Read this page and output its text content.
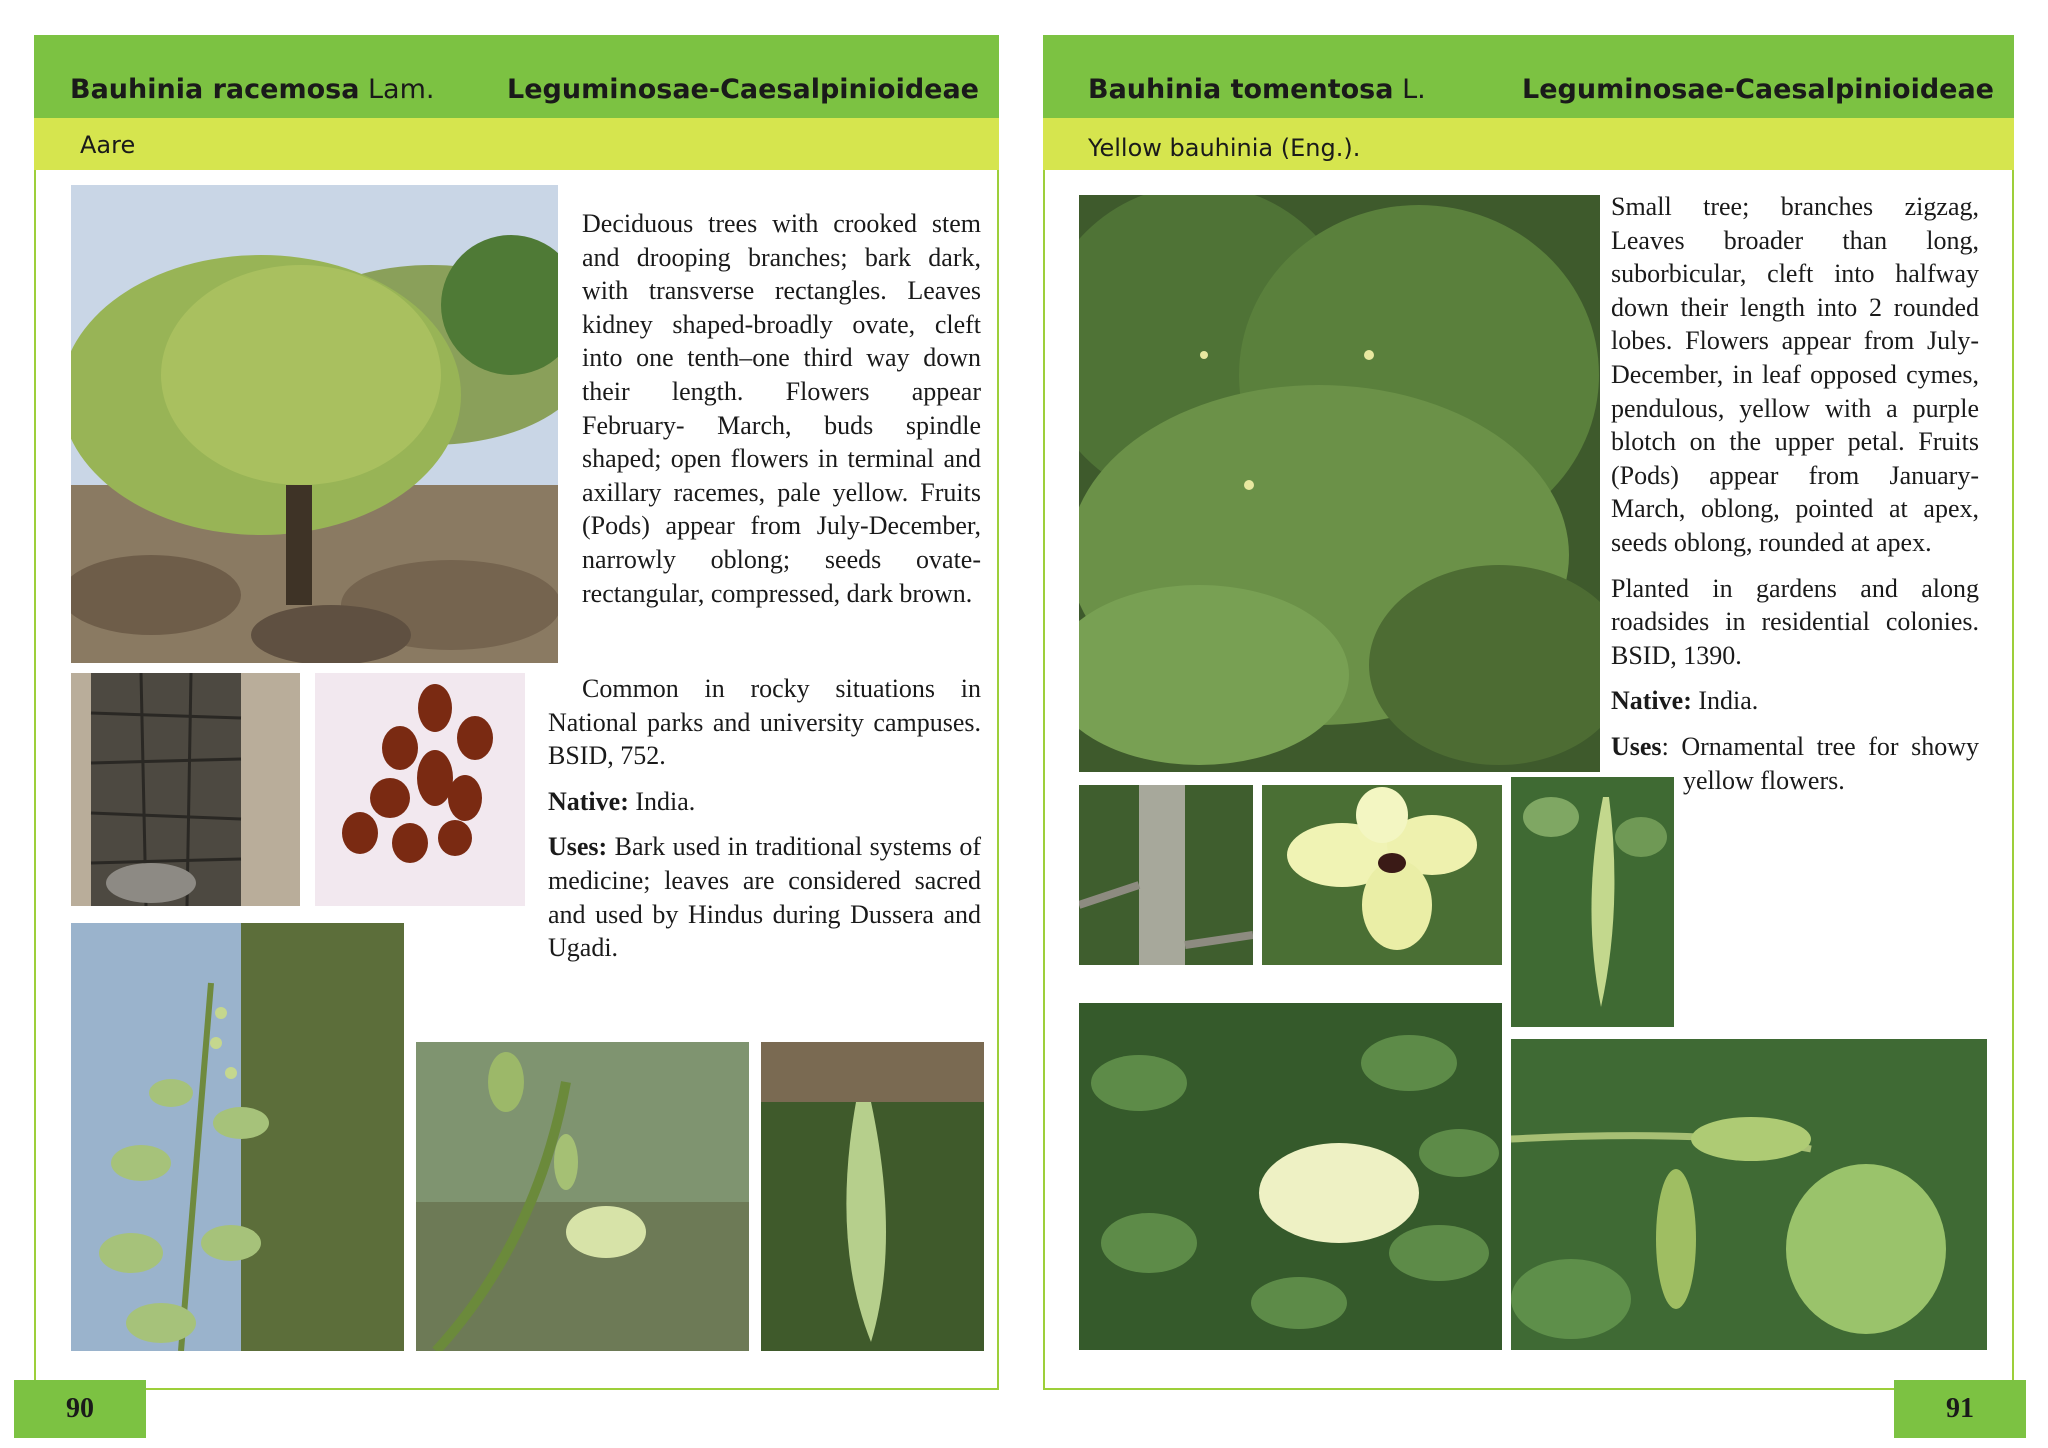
Bauhinia racemosa Lam.	Leguminosae-Caesalpinioideae
Aare

Deciduous trees with crooked stem and drooping branches; bark dark, with transverse rectangles. Leaves kidney shaped-broadly ovate, cleft into one tenth–one third way down their length. Flowers appear February- March, buds spindle shaped; open flowers in terminal and axillary racemes, pale yellow. Fruits (Pods) appear from July-December, narrowly oblong; seeds ovate-rectangular, compressed, dark brown.

Common in rocky situations in National parks and university campuses. BSID, 752.

Native: India.

Uses: Bark used in traditional systems of medicine; leaves are considered sacred and used by Hindus during Dussera and Ugadi.

Bauhinia tomentosa L.	Leguminosae-Caesalpinioideae
Yellow bauhinia (Eng.).

Small tree; branches zigzag, Leaves broader than long, suborbicular, cleft into halfway down their length into 2 rounded lobes. Flowers appear from July-December, in leaf opposed cymes, pendulous, yellow with a purple blotch on the upper petal. Fruits (Pods) appear from January-March, oblong, pointed at apex, seeds oblong, rounded at apex.

Planted in gardens and along roadsides in residential colonies. BSID, 1390.

Native: India.

Uses: Ornamental tree for showy yellow flowers.

90	91
